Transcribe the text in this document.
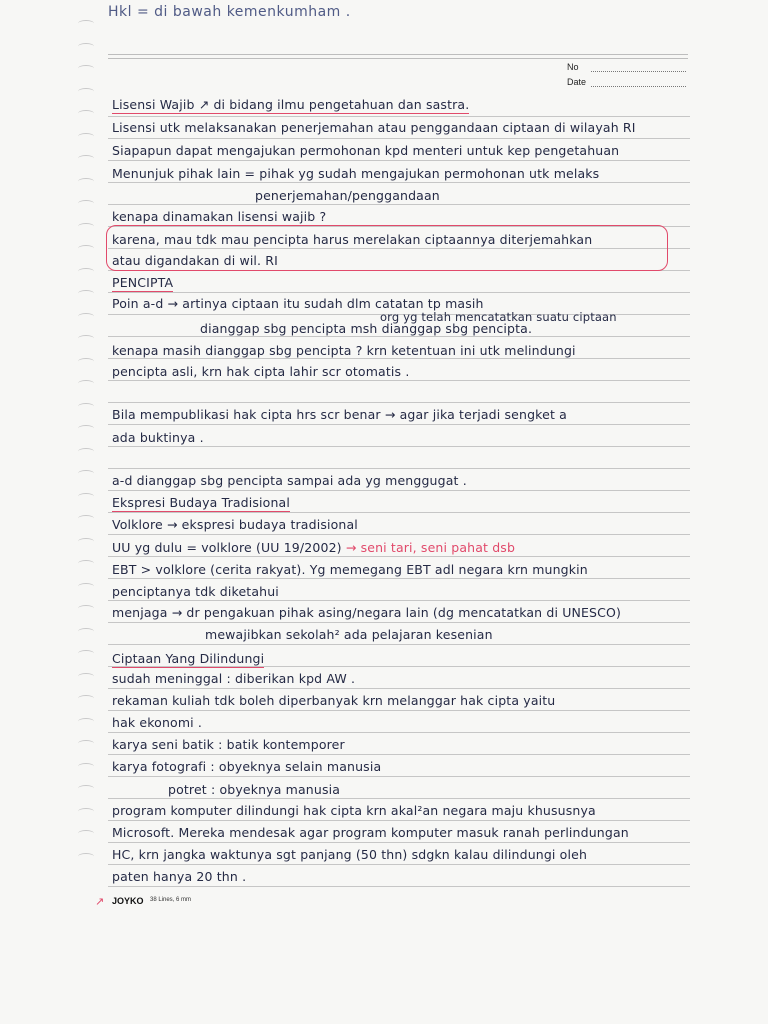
Hkl = di bawah kemenkumham .
No
Date
Lisensi Wajib ↗ di bidang ilmu pengetahuan dan sastra.
Lisensi utk melaksanakan penerjemahan atau penggandaan ciptaan di wilayah RI
Siapapun dapat mengajukan permohonan kpd menteri untuk kep pengetahuan
Menunjuk pihak lain = pihak yg sudah mengajukan permohonan utk melaks
penerjemahan/penggandaan
kenapa dinamakan lisensi wajib ?
karena, mau tdk mau pencipta harus merelakan ciptaannya diterjemahkan
atau digandakan di wil. RI
PENCIPTA
Poin a-d → artinya ciptaan itu sudah dlm catatan tp masih
org yg telah mencatatkan suatu ciptaan
dianggap sbg pencipta msh dianggap sbg pencipta.
kenapa masih dianggap sbg pencipta ? krn ketentuan ini utk melindungi
pencipta asli, krn hak cipta lahir scr otomatis .
Bila mempublikasi hak cipta hrs scr benar → agar jika terjadi sengket a
ada buktinya .
a-d dianggap sbg pencipta sampai ada yg menggugat .
Ekspresi Budaya Tradisional
Volklore → ekspresi budaya tradisional
UU yg dulu = volklore (UU 19/2002) → seni tari, seni pahat dsb
EBT > volklore (cerita rakyat). Yg memegang EBT adl negara krn mungkin
penciptanya tdk diketahui
menjaga → dr pengakuan pihak asing/negara lain (dg mencatatkan di UNESCO)
mewajibkan sekolah² ada pelajaran kesenian
Ciptaan Yang Dilindungi
sudah meninggal : diberikan kpd AW .
rekaman kuliah tdk boleh diperbanyak krn melanggar hak cipta yaitu
hak ekonomi .
karya seni batik : batik kontemporer
karya fotografi : obyeknya selain manusia
potret : obyeknya manusia
program komputer dilindungi hak cipta krn akal²an negara maju khususnya
Microsoft. Mereka mendesak agar program komputer masuk ranah perlindungan
HC, krn jangka waktunya sgt panjang (50 thn) sdgkn kalau dilindungi oleh
paten hanya 20 thn .
↗ JOYKO 38 Lines, 6 mm
